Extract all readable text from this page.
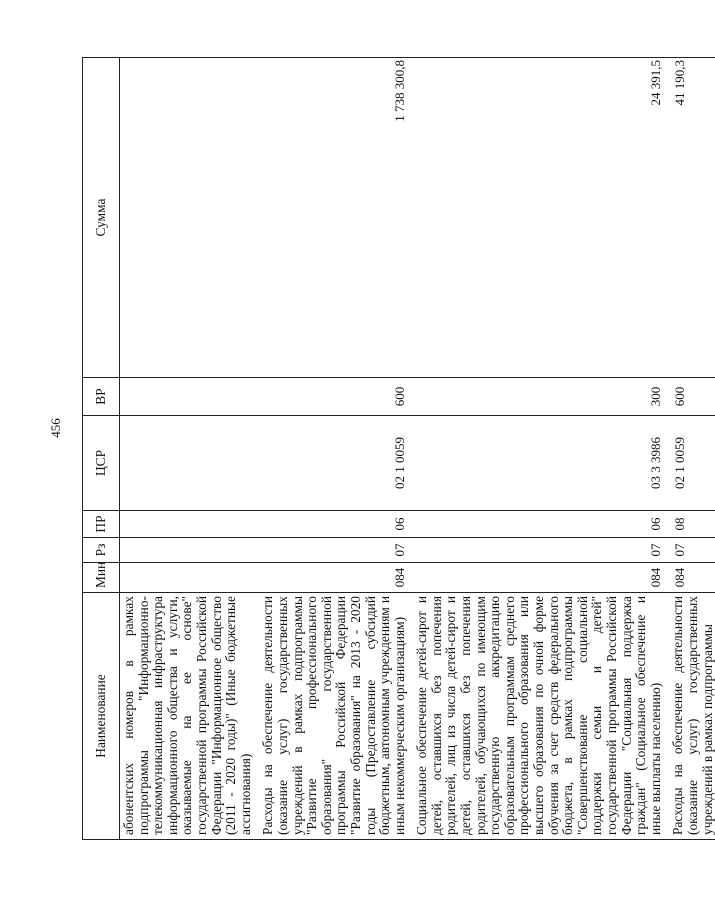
456
Наименование	Мин	Рз	ПР	ЦСР	ВР	Сумма
абонентских номеров в рамках подпрограммы "Информационно-телекоммуникационная инфраструктура информационного общества и услуги, оказываемые на ее основе" государственной программы Российской Федерации "Информационное общество (2011 - 2020 годы)" (Иные бюджетные ассигнования)						
Расходы на обеспечение деятельности (оказание услуг) государственных учреждений в рамках подпрограммы "Развитие профессионального образования" государственной программы Российской Федерации "Развитие образования" на 2013 - 2020 годы (Предоставление субсидий бюджетным, автономным учреждениям и иным некоммерческим организациям)	084	07	06	02 1 0059	600	1 738 300,8
Социальное обеспечение детей-сирот и детей, оставшихся без попечения родителей, лиц из числа детей-сирот и детей, оставшихся без попечения родителей, обучающихся по имеющим государственную аккредитацию образовательным программам среднего профессионального образования или высшего образования по очной форме обучения за счет средств федерального бюджета, в рамках подпрограммы "Совершенствование социальной поддержки семьи и детей" государственной программы Российской Федерации "Социальная поддержка граждан" (Социальное обеспечение и иные выплаты населению)	084	07	06	03 3 3986	300	24 391,5
Расходы на обеспечение деятельности (оказание услуг) государственных учреждений в рамках подпрограммы	084	07	08	02 1 0059	600	41 190,3
